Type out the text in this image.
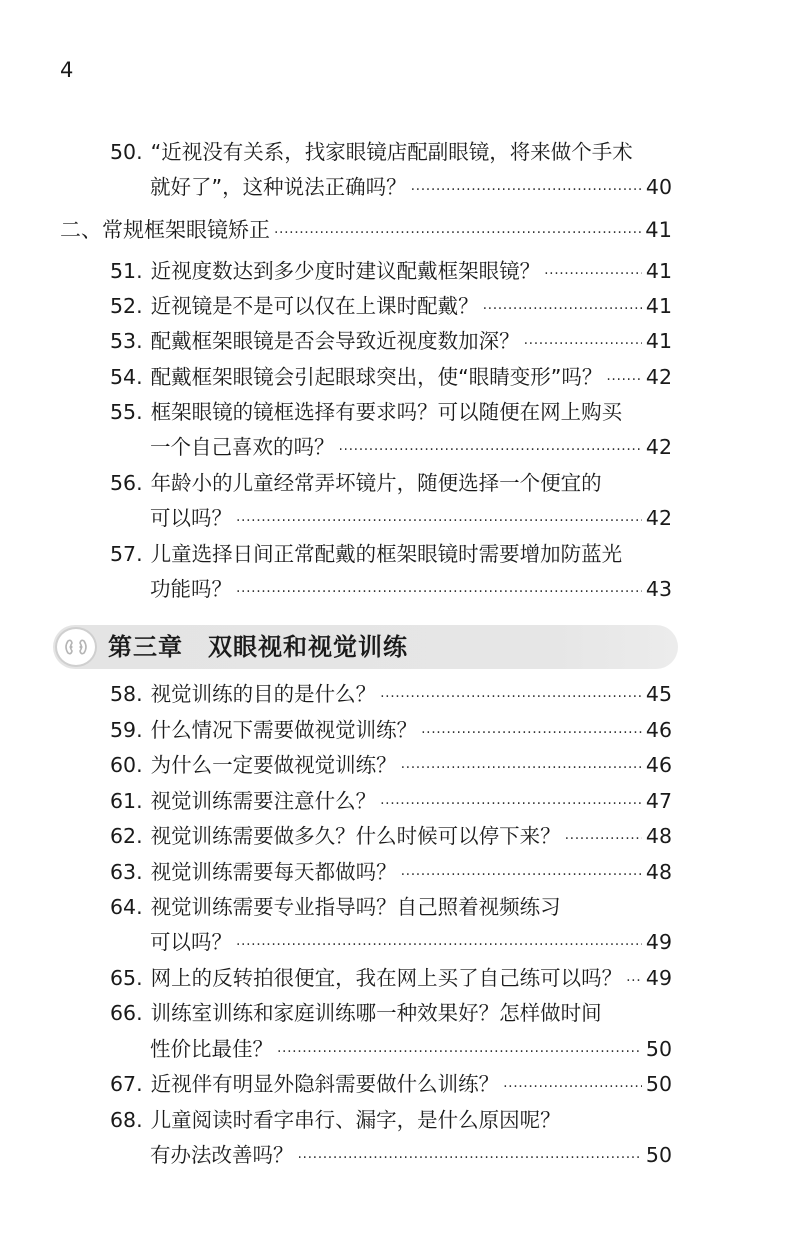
4
50. “近视没有关系，找家眼镜店配副眼镜，将来做个手术
就好了”，这种说法正确吗？ ·····	40
二、常规框架眼镜矫正 ·····	41
51. 近视度数达到多少度时建议配戴框架眼镜？ ·····	41
52. 近视镜是不是可以仅在上课时配戴？ ·····	41
53. 配戴框架眼镜是否会导致近视度数加深？ ·····	41
54. 配戴框架眼镜会引起眼球突出，使“眼睛变形”吗？ ····· 42
55. 框架眼镜的镜框选择有要求吗？可以随便在网上购买
一个自己喜欢的吗？ ·····	42
56. 年龄小的儿童经常弄坏镜片，随便选择一个便宜的
可以吗？ ·····	42
57. 儿童选择日间正常配戴的框架眼镜时需要增加防蓝光
功能吗？ ·····	43
第三章　双眼视和视觉训练
58. 视觉训练的目的是什么？ ·····	45
59. 什么情况下需要做视觉训练？ ·····	46
60. 为什么一定要做视觉训练？ ·····	46
61. 视觉训练需要注意什么？ ·····	47
62. 视觉训练需要做多久？什么时候可以停下来？ ·····	48
63. 视觉训练需要每天都做吗？ ·····	48
64. 视觉训练需要专业指导吗？自己照着视频练习
可以吗？ ·····	49
65. 网上的反转拍很便宜，我在网上买了自己练可以吗？ ····· 49
66. 训练室训练和家庭训练哪一种效果好？怎样做时间
性价比最佳？ ·····	50
67. 近视伴有明显外隐斜需要做什么训练？ ·····	50
68. 儿童阅读时看字串行、漏字，是什么原因呢？
有办法改善吗？ ·····	50
